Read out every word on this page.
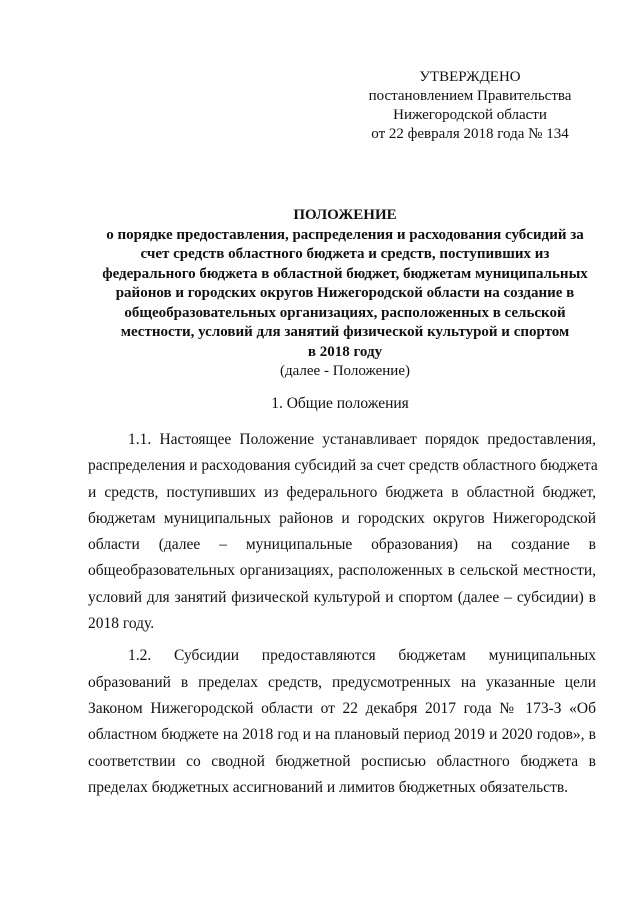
УТВЕРЖДЕНО
постановлением Правительства
Нижегородской области
от 22 февраля 2018 года № 134
ПОЛОЖЕНИЕ
о порядке предоставления, распределения и расходования субсидий за
счет средств областного бюджета и средств, поступивших из
федерального бюджета в областной бюджет, бюджетам муниципальных
районов и городских округов Нижегородской области на создание в
общеобразовательных организациях, расположенных в сельской
местности, условий для занятий физической культурой и спортом
в 2018 году
(далее - Положение)
1. Общие положения
1.1. Настоящее Положение устанавливает порядок предоставления,
распределения и расходования субсидий за счет средств областного бюджета
и средств, поступивших из федерального бюджета в областной бюджет,
бюджетам муниципальных районов и городских округов Нижегородской
области (далее – муниципальные образования) на создание в
общеобразовательных организациях, расположенных в сельской местности,
условий для занятий физической культурой и спортом (далее – субсидии) в
2018 году.
1.2. Субсидии предоставляются бюджетам муниципальных
образований в пределах средств, предусмотренных на указанные цели
Законом Нижегородской области от 22 декабря 2017 года № 173-З «Об
областном бюджете на 2018 год и на плановый период 2019 и 2020 годов», в
соответствии со сводной бюджетной росписью областного бюджета в
пределах бюджетных ассигнований и лимитов бюджетных обязательств.
